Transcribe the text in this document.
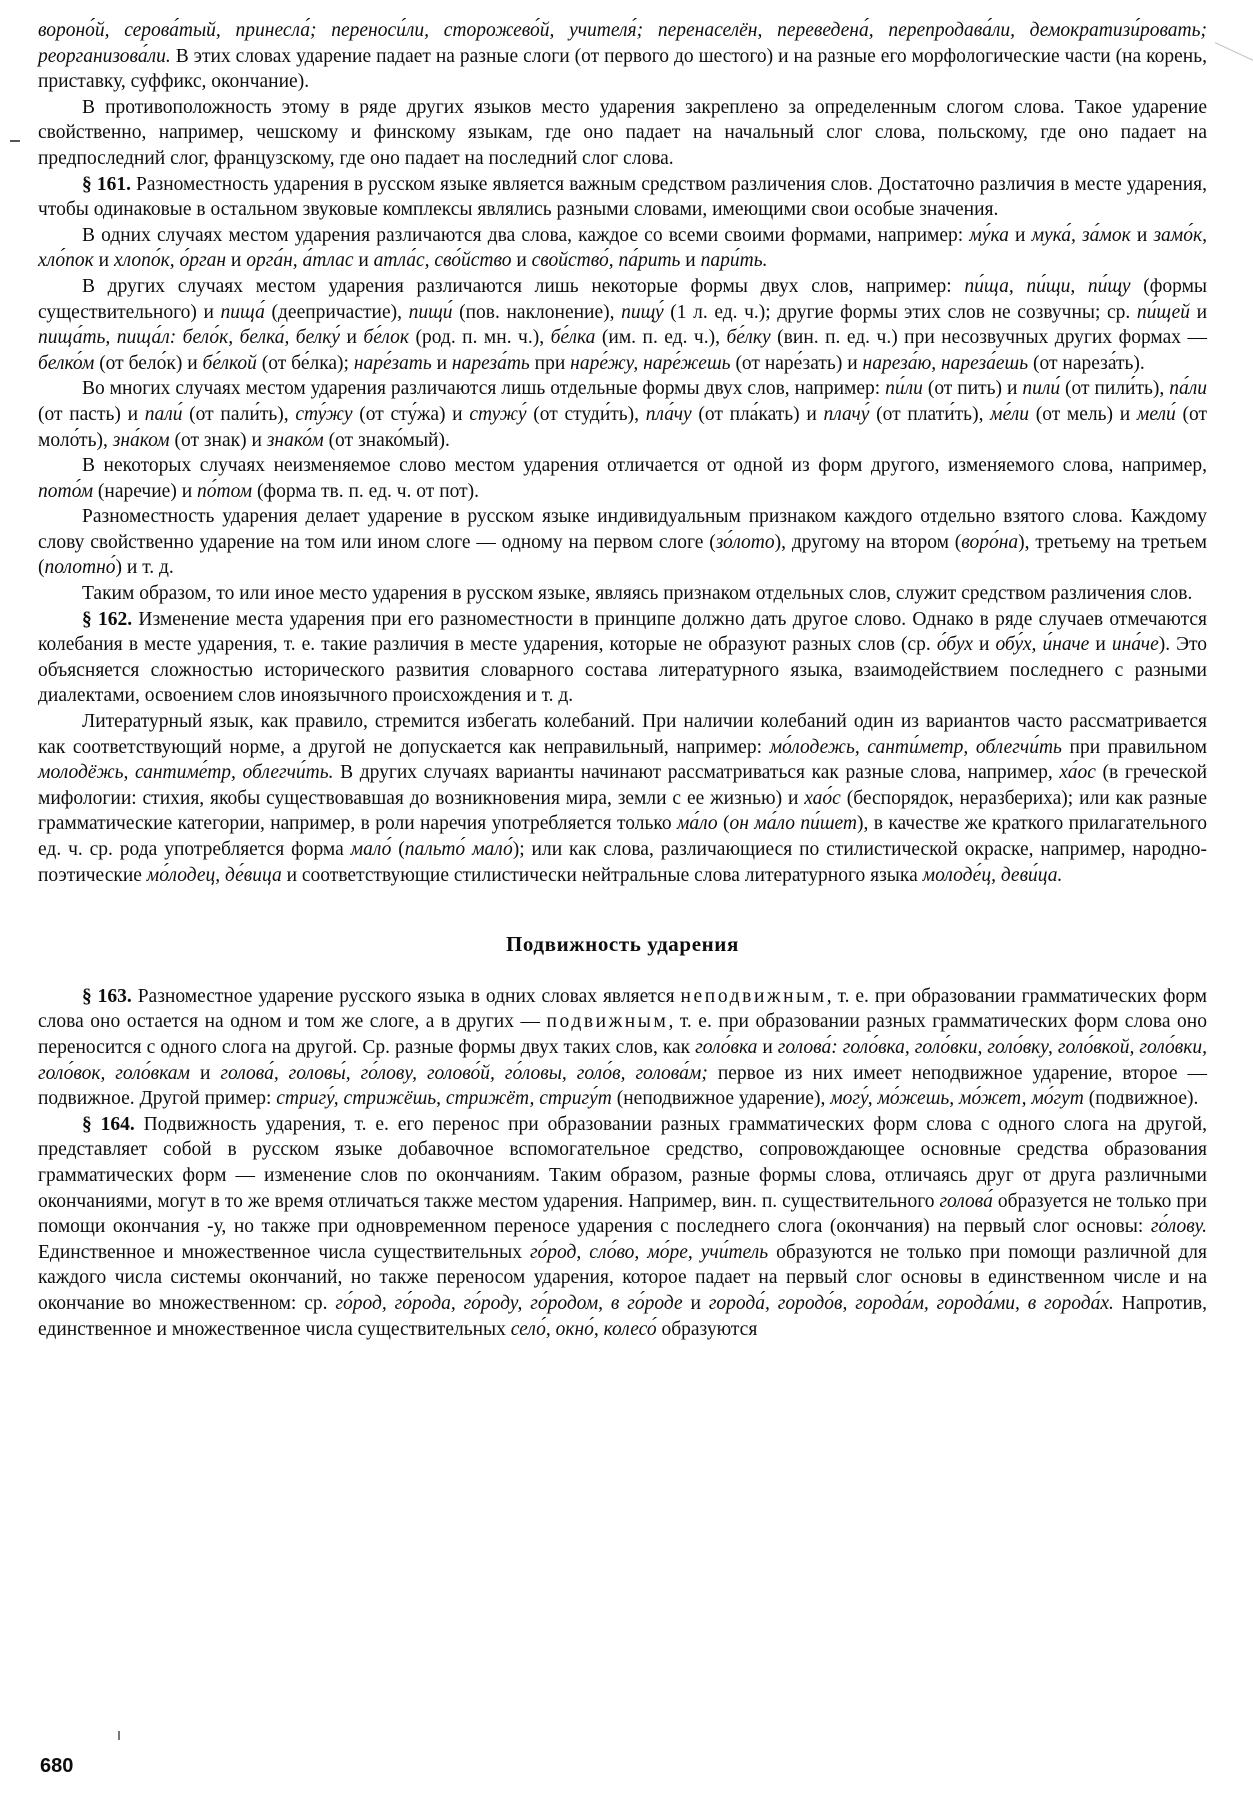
вороно́й, серова́тый, принесла́; переноси́ли, сторожево́й, учителя́; перенаселён, переведена́, перепродава́ли, демократизи́ровать; реорганизова́ли. В этих словах ударение падает на разные слоги (от первого до шестого) и на разные его морфологические части (на корень, приставку, суффикс, окончание).

В противоположность этому в ряде других языков место ударения закреплено за определенным слогом слова. Такое ударение свойственно, например, чешскому и финскому языкам, где оно падает на начальный слог слова, польскому, где оно падает на предпоследний слог, французскому, где оно падает на последний слог слова.

§ 161. Разноместность ударения в русском языке является важным средством различения слов. Достаточно различия в месте ударения, чтобы одинаковые в остальном звуковые комплексы являлись разными словами, имеющими свои особые значения.

В одних случаях местом ударения различаются два слова, каждое со всеми своими формами, например: му́ка и мука́, за́мок и замо́к, хло́пок и хлопо́к, о́рган и орга́н, а́тлас и атла́с, сво́йство и свойство́, па́рить и пари́ть.

В других случаях местом ударения различаются лишь некоторые формы двух слов, например: пи́ща, пи́щи, пи́щу (формы существительного) и пища́ (деепричастие), пищи́ (пов. наклонение), пищу́ (1 л. ед. ч.); другие формы этих слов не созвучны; ср. пи́щей и пища́ть, пища́л: бело́к, белка́, белку́ и бе́лок (род. п. мн. ч.), бе́лка (им. п. ед. ч.), бе́лку (вин. п. ед. ч.) при несозвучных других формах — белко́м (от бело́к) и бе́лкой (от бе́лка); наре́зать и нареза́ть при наре́жу, наре́жешь (от наре́зать) и нареза́ю, нареза́ешь (от нареза́ть).

Во многих случаях местом ударения различаются лишь отдельные формы двух слов, например: пи́ли (от пить) и пили́ (от пили́ть), па́ли (от пасть) и пали́ (от пали́ть), сту́жу (от сту́жа) и стужу́ (от студи́ть), пла́чу (от пла́кать) и плачу́ (от плати́ть), ме́ли (от мель) и мели́ (от моло́ть), зна́ком (от знак) и знако́м (от знако́мый).

В некоторых случаях неизменяемое слово местом ударения отличается от одной из форм другого, изменяемого слова, например, пото́м (наречие) и по́том (форма тв. п. ед. ч. от пот).

Разноместность ударения делает ударение в русском языке индивидуальным признаком каждого отдельно взятого слова. Каждому слову свойственно ударение на том или ином слоге — одному на первом слоге (зо́лото), другому на втором (воро́на), третьему на третьем (полотно́) и т. д.

Таким образом, то или иное место ударения в русском языке, являясь признаком отдельных слов, служит средством различения слов.

§ 162. Изменение места ударения при его разноместности в принципе должно дать другое слово. Однако в ряде случаев отмечаются колебания в месте ударения, т. е. такие различия в месте ударения, которые не образуют разных слов (ср. о́бух и обу́х, и́наче и ина́че). Это объясняется сложностью исторического развития словарного состава литературного языка, взаимодействием последнего с разными диалектами, освоением слов иноязычного происхождения и т. д.

Литературный язык, как правило, стремится избегать колебаний. При наличии колебаний один из вариантов часто рассматривается как соответствующий норме, а другой не допускается как неправильный, например: мо́лодежь, санти́метр, облегчи́ть при правильном молодёжь, сантиме́тр, облегчи́ть. В других случаях варианты начинают рассматриваться как разные слова, например, ха́ос (в греческой мифологии: стихия, якобы существовавшая до возникновения мира, земли с ее жизнью) и хао́с (беспорядок, неразбериха); или как разные грамматические категории, например, в роли наречия употребляется только ма́ло (он ма́ло пи́шет), в качестве же краткого прилагательного ед. ч. ср. рода употребляется форма мало́ (пальто́ мало́); или как слова, различающиеся по стилистической окраске, например, народно-поэтические мо́лодец, де́вица и соответствующие стилистически нейтральные слова литературного языка молоде́ц, деви́ца.

Подвижность ударения

§ 163. Разноместное ударение русского языка в одних словах является неподвижным, т. е. при образовании грамматических форм слова оно остается на одном и том же слоге, а в других — подвижным, т. е. при образовании разных грамматических форм слова оно переносится с одного слога на другой. Ср. разные формы двух таких слов, как голо́вка и голова́: голо́вка, голо́вки, голо́вку, голо́вкой, голо́вки, голо́вок, голо́вкам и голова́, головы́, го́лову, голово́й, го́ловы, голо́в, голова́м; первое из них имеет неподвижное ударение, второе — подвижное. Другой пример: стригу́, стрижёшь, стрижёт, стригу́т (неподвижное ударение), могу́, мо́жешь, мо́жет, мо́гут (подвижное).

§ 164. Подвижность ударения, т. е. его перенос при образовании разных грамматических форм слова с одного слога на другой, представляет собой в русском языке добавочное вспомогательное средство, сопровождающее основные средства образования грамматических форм — изменение слов по окончаниям. Таким образом, разные формы слова, отличаясь друг от друга различными окончаниями, могут в то же время отличаться также местом ударения. Например, вин. п. существительного голова́ образуется не только при помощи окончания -у, но также при одновременном переносе ударения с последнего слога (окончания) на первый слог основы: го́лову. Единственное и множественное числа существительных го́род, сло́во, мо́ре, учи́тель образуются не только при помощи различной для каждого числа системы окончаний, но также переносом ударения, которое падает на первый слог основы в единственном числе и на окончание во множественном: ср. го́род, го́рода, го́роду, го́родом, в го́роде и города́, городо́в, города́м, города́ми, в города́х. Напротив, единственное и множественное числа существительных село́, окно́, колесо́ образуются

680
